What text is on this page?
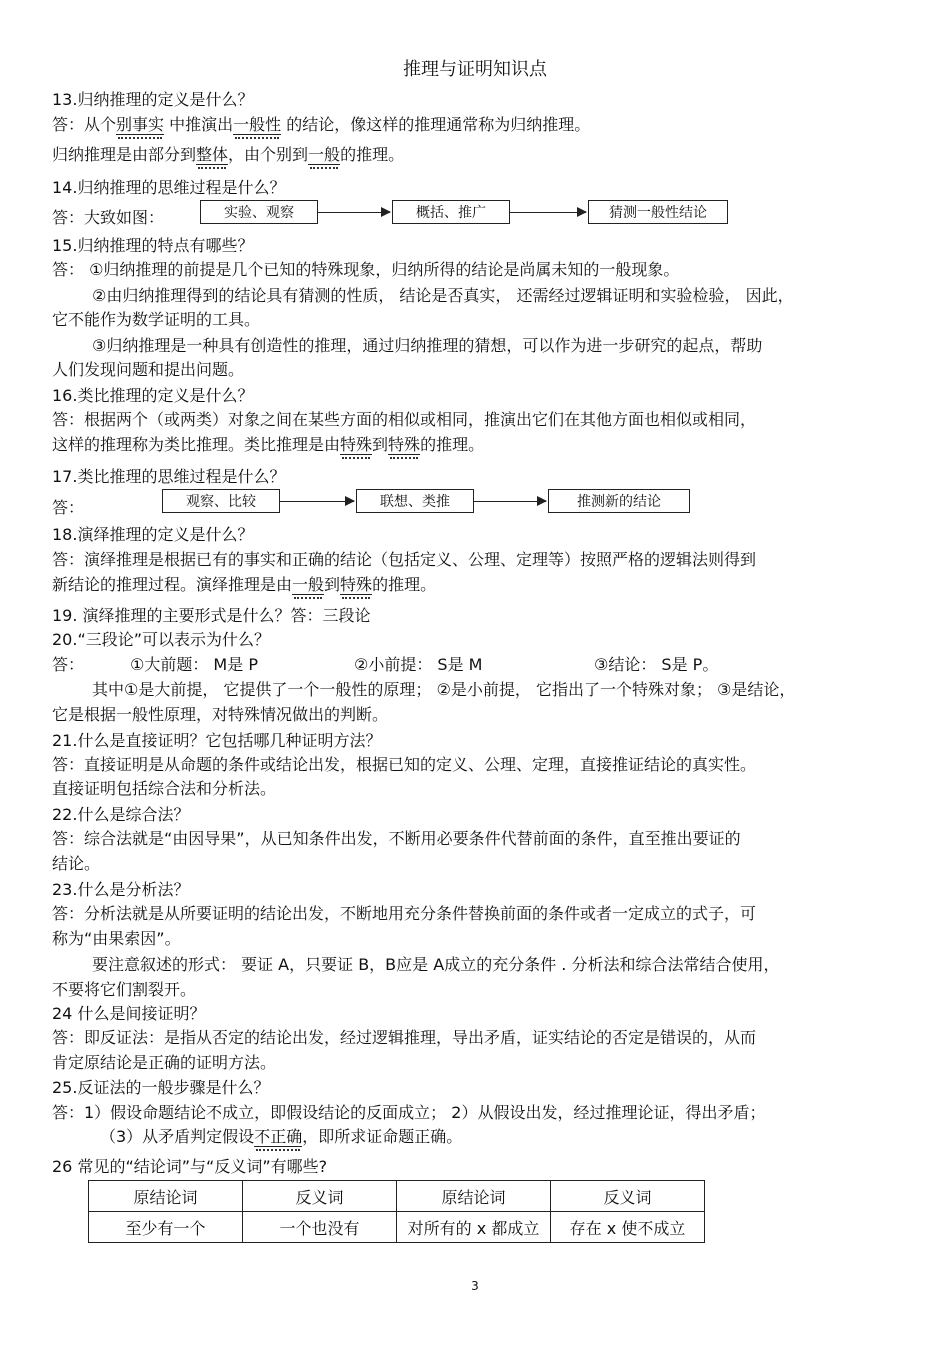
推理与证明知识点
13.归纳推理的定义是什么？
答：从个别事实 中推演出一般性 的结论，像这样的推理通常称为归纳推理。
归纳推理是由部分到整体，由个别到一般的推理。
14.归纳推理的思维过程是什么？
答：大致如图：	实验、观察	概括、推广	猜测一般性结论
15.归纳推理的特点有哪些？
答： ①归纳推理的前提是几个已知的特殊现象，归纳所得的结论是尚属未知的一般现象。
②由归纳推理得到的结论具有猜测的性质， 结论是否真实， 还需经过逻辑证明和实验检验， 因此，
它不能作为数学证明的工具。
③归纳推理是一种具有创造性的推理，通过归纳推理的猜想，可以作为进一步研究的起点，帮助
人们发现问题和提出问题。
16.类比推理的定义是什么？
答：根据两个（或两类）对象之间在某些方面的相似或相同，推演出它们在其他方面也相似或相同，
这样的推理称为类比推理。类比推理是由特殊到特殊的推理。
17.类比推理的思维过程是什么？
答：	观察、比较	联想、类推	推测新的结论
18.演绎推理的定义是什么？
答：演绎推理是根据已有的事实和正确的结论（包括定义、公理、定理等）按照严格的逻辑法则得到
新结论的推理过程。演绎推理是由一般到特殊的推理。
19. 演绎推理的主要形式是什么？答：三段论
20.“三段论”可以表示为什么？
答：	①大前题： M是 P	②小前提： S是 M	③结论： S是 P。
其中①是大前提， 它提供了一个一般性的原理； ②是小前提， 它指出了一个特殊对象； ③是结论，
它是根据一般性原理，对特殊情况做出的判断。
21.什么是直接证明？它包括哪几种证明方法？
答：直接证明是从命题的条件或结论出发，根据已知的定义、公理、定理，直接推证结论的真实性。
直接证明包括综合法和分析法。
22.什么是综合法？
答：综合法就是“由因导果”，从已知条件出发，不断用必要条件代替前面的条件，直至推出要证的
结论。
23.什么是分析法？
答：分析法就是从所要证明的结论出发，不断地用充分条件替换前面的条件或者一定成立的式子，可
称为“由果索因”。
要注意叙述的形式： 要证 A，只要证 B，B应是 A成立的充分条件 . 分析法和综合法常结合使用，
不要将它们割裂开。
24 什么是间接证明？
答：即反证法：是指从否定的结论出发，经过逻辑推理，导出矛盾，证实结论的否定是错误的，从而
肯定原结论是正确的证明方法。
25.反证法的一般步骤是什么？
答：1）假设命题结论不成立，即假设结论的反面成立； 2）从假设出发，经过推理论证，得出矛盾；
（3）从矛盾判定假设不正确，即所求证命题正确。
26 常见的“结论词”与“反义词”有哪些?
原结论词	反义词	原结论词	反义词
至少有一个	一个也没有	对所有的 x 都成立	存在 x 使不成立
3
